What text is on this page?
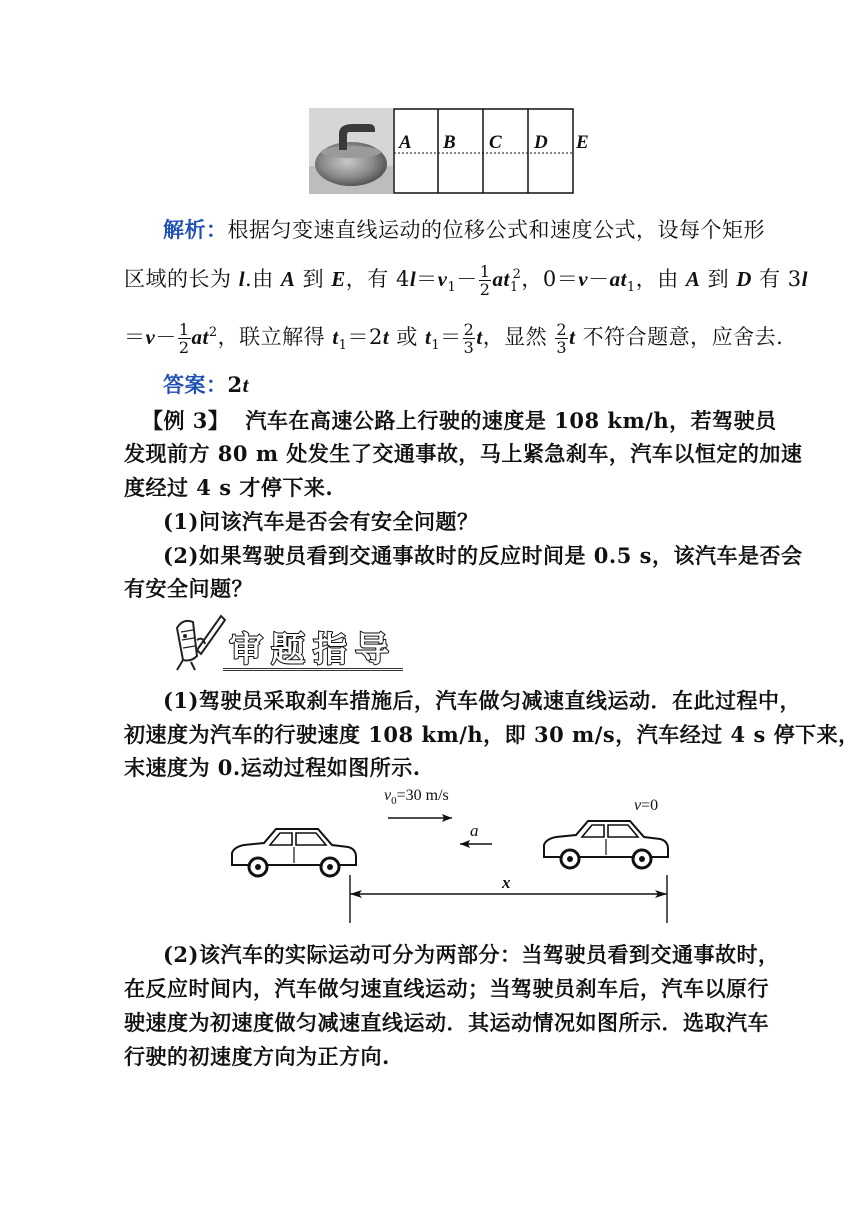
A B C D E
解析：根据匀变速直线运动的位移公式和速度公式，设每个矩形
区域的长为 l.由 A 到 E，有 $4l=v_1- \frac{1}{2} at_1^2$，$0=v-at_1$，由 A 到 D 有 3l
$=v- \frac{1}{2} at^2$，联立解得 $t_1=2t$ 或 $t_1= \frac{2}{3}$ t，显然 $\frac{2}{3}$ t 不符合题意，应舍去.
答案：2t
【例 3】 汽车在高速公路上行驶的速度是 108 km/h，若驾驶员
发现前方 80 m 处发生了交通事故，马上紧急刹车，汽车以恒定的加速
度经过 4 s 才停下来.
(1)问该汽车是否会有安全问题？
(2)如果驾驶员看到交通事故时的反应时间是 0.5 s，该汽车是否会
有安全问题？
审题指导
(1)驾驶员采取刹车措施后，汽车做匀减速直线运动．在此过程中，
初速度为汽车的行驶速度 108 km/h，即 30 m/s，汽车经过 4 s 停下来，
末速度为 0.运动过程如图所示.
$v_0=30$ m/s
a
v=0
x
(2)该汽车的实际运动可分为两部分：当驾驶员看到交通事故时，
在反应时间内，汽车做匀速直线运动；当驾驶员刹车后，汽车以原行
驶速度为初速度做匀减速直线运动．其运动情况如图所示．选取汽车
行驶的初速度方向为正方向.
